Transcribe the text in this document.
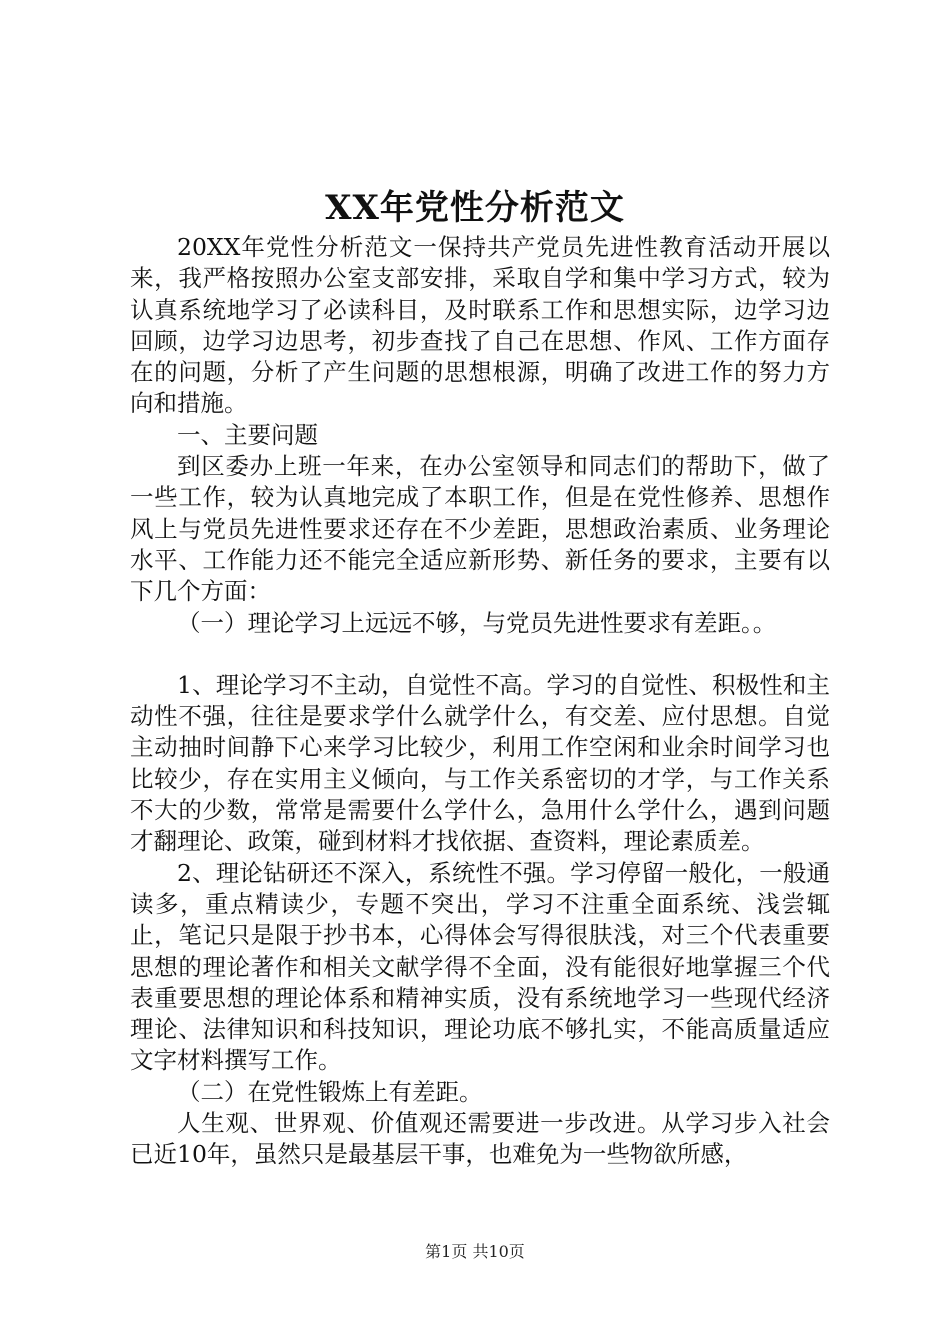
XX年党性分析范文

20XX年党性分析范文一保持共产党员先进性教育活动开展以来，我严格按照办公室支部安排，采取自学和集中学习方式，较为认真系统地学习了必读科目，及时联系工作和思想实际，边学习边回顾，边学习边思考，初步查找了自己在思想、作风、工作方面存在的问题，分析了产生问题的思想根源，明确了改进工作的努力方向和措施。

一、主要问题

到区委办上班一年来，在办公室领导和同志们的帮助下，做了一些工作，较为认真地完成了本职工作，但是在党性修养、思想作风上与党员先进性要求还存在不少差距，思想政治素质、业务理论水平、工作能力还不能完全适应新形势、新任务的要求，主要有以下几个方面：

（一）理论学习上远远不够，与党员先进性要求有差距。。

1、理论学习不主动，自觉性不高。学习的自觉性、积极性和主动性不强，往往是要求学什么就学什么，有交差、应付思想。自觉主动抽时间静下心来学习比较少，利用工作空闲和业余时间学习也比较少，存在实用主义倾向，与工作关系密切的才学，与工作关系不大的少数，常常是需要什么学什么，急用什么学什么，遇到问题才翻理论、政策，碰到材料才找依据、查资料，理论素质差。

2、理论钻研还不深入，系统性不强。学习停留一般化，一般通读多，重点精读少，专题不突出，学习不注重全面系统、浅尝辄止，笔记只是限于抄书本，心得体会写得很肤浅，对三个代表重要思想的理论著作和相关文献学得不全面，没有能很好地掌握三个代表重要思想的理论体系和精神实质，没有系统地学习一些现代经济理论、法律知识和科技知识，理论功底不够扎实，不能高质量适应文字材料撰写工作。

（二）在党性锻炼上有差距。

人生观、世界观、价值观还需要进一步改进。从学习步入社会已近10年，虽然只是最基层干事，也难免为一些物欲所感，

第1页 共10页
